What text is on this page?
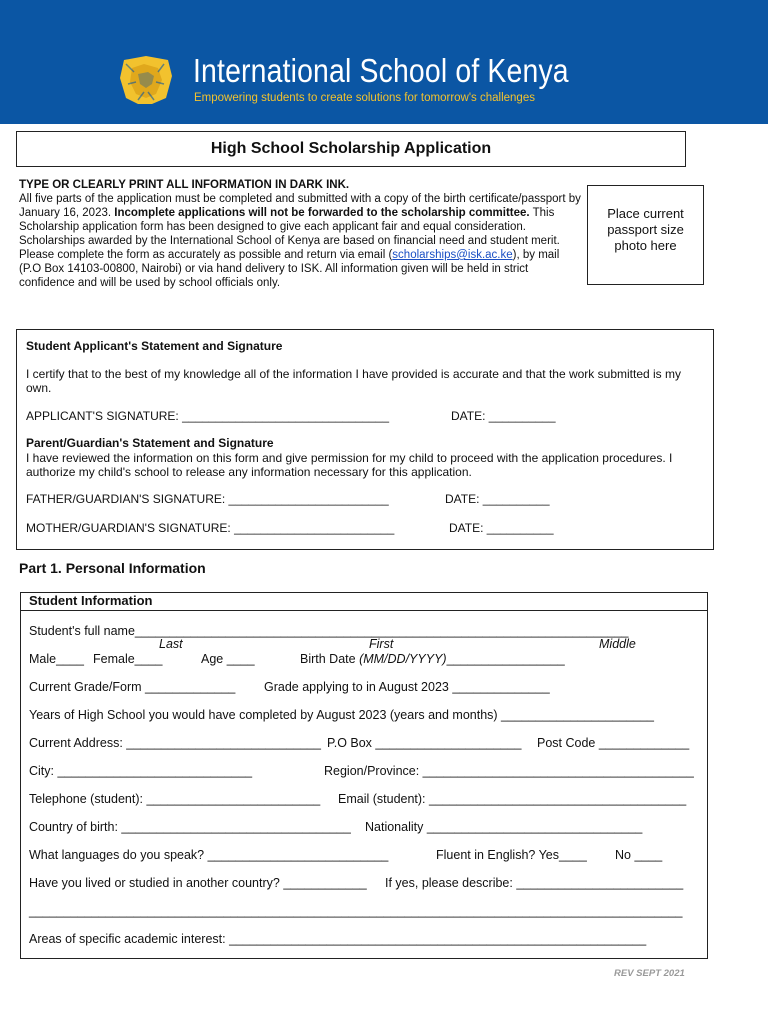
International School of Kenya
Empowering students to create solutions for tomorrow's challenges
High School Scholarship Application
TYPE OR CLEARLY PRINT ALL INFORMATION IN DARK INK.
All five parts of the application must be completed and submitted with a copy of the birth certificate/passport by January 16, 2023. Incomplete applications will not be forwarded to the scholarship committee. This Scholarship application form has been designed to give each applicant fair and equal consideration. Scholarships awarded by the International School of Kenya are based on financial need and student merit. Please complete the form as accurately as possible and return via email (scholarships@isk.ac.ke), by mail (P.O Box 14103-00800, Nairobi) or via hand delivery to ISK. All information given will be held in strict confidence and will be used by school officials only.
Place current
passport size
photo here
Student Applicant's Statement and Signature
I certify that to the best of my knowledge all of the information I have provided is accurate and that the work submitted is my own.
APPLICANT'S SIGNATURE: _______________________________	DATE: __________
Parent/Guardian's Statement and Signature
I have reviewed the information on this form and give permission for my child to proceed with the application procedures. I authorize my child's school to release any information necessary for this application.
FATHER/GUARDIAN'S SIGNATURE: ________________________	DATE: __________
MOTHER/GUARDIAN'S SIGNATURE: ________________________	DATE: __________
Part 1. Personal Information
Student Information
Student's full name_______________________________________________________________________
Last	First	Middle
Male____ Female____	Age ____	Birth Date (MM/DD/YYYY)_________________
Current Grade/Form _____________ Grade applying to in August 2023 ______________
Years of High School you would have completed by August 2023 (years and months) ______________________
Current Address: ____________________________ P.O Box _____________________ Post Code _____________
City: ____________________________	Region/Province: _______________________________________
Telephone (student): _________________________ Email (student): _____________________________________
Country of birth: _________________________________ Nationality _______________________________
What languages do you speak? __________________________	Fluent in English? Yes____ No ____
Have you lived or studied in another country? ____________ If yes, please describe: ________________________
______________________________________________________________________________________________
Areas of specific academic interest: ____________________________________________________________
REV SEPT 2021
